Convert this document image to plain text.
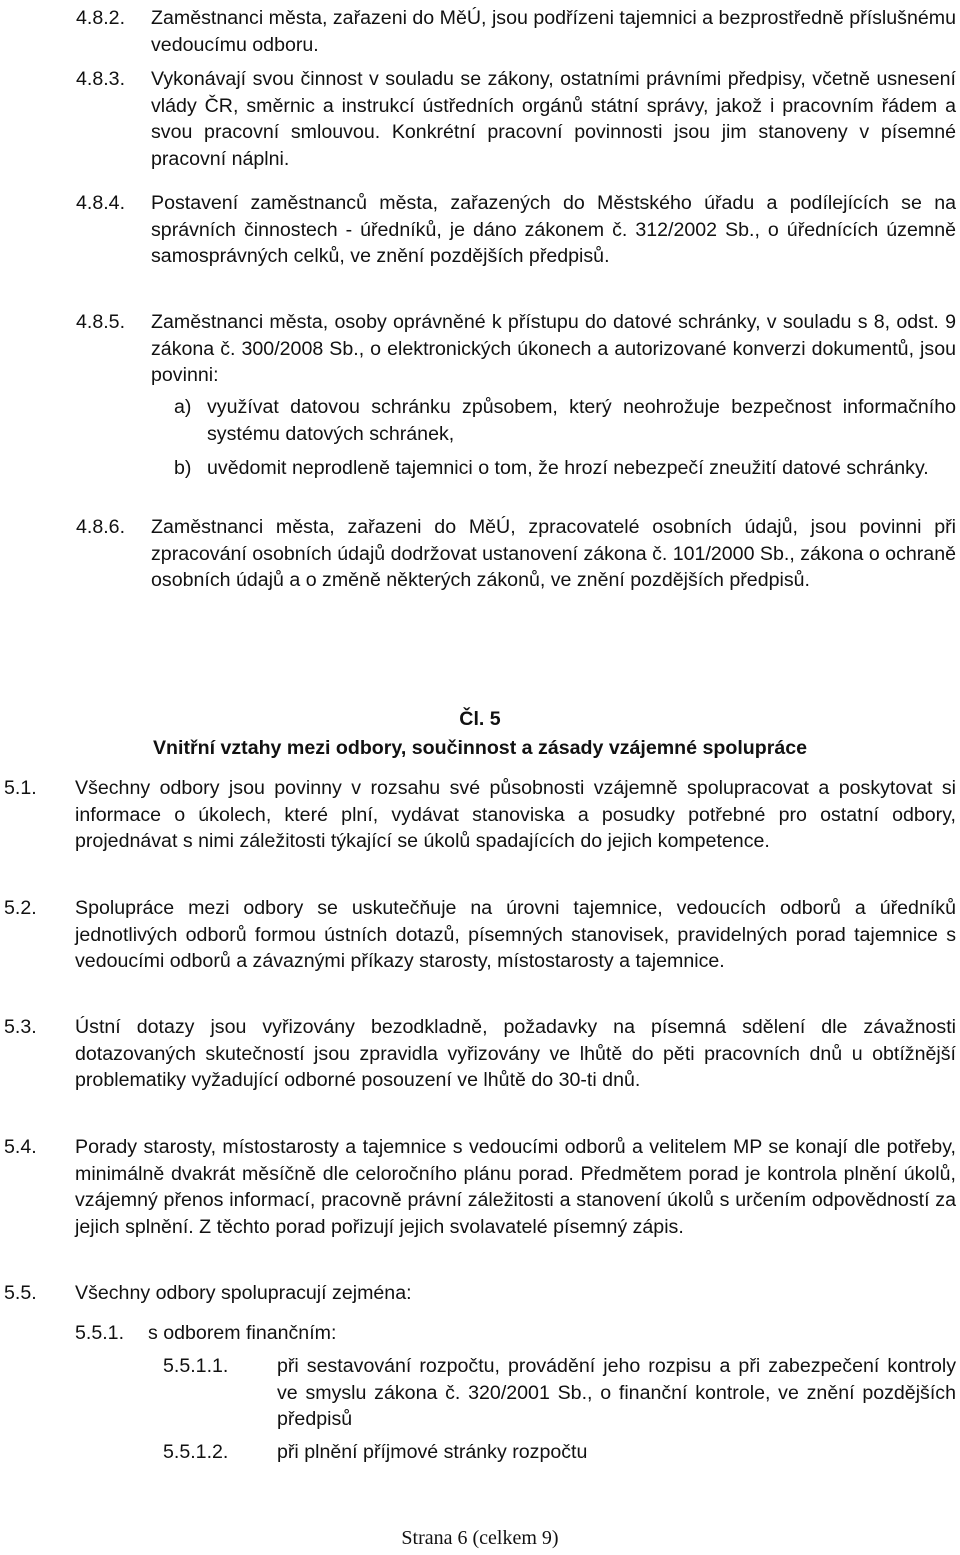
4.8.2. Zaměstnanci města, zařazeni do MěÚ, jsou podřízeni tajemnici a bezprostředně příslušnému vedoucímu odboru.
4.8.3. Vykonávají svou činnost v souladu se zákony, ostatními právními předpisy, včetně usnesení vlády ČR, směrnic a instrukcí ústředních orgánů státní správy, jakož i pracovním řádem a svou pracovní smlouvou. Konkrétní pracovní povinnosti jsou jim stanoveny v písemné pracovní náplni.
4.8.4. Postavení zaměstnanců města, zařazených do Městského úřadu a podílejících se na správních činnostech - úředníků, je dáno zákonem č. 312/2002 Sb., o úřednících územně samosprávných celků, ve znění pozdějších předpisů.
4.8.5. Zaměstnanci města, osoby oprávněné k přístupu do datové schránky, v souladu s 8, odst. 9 zákona č. 300/2008 Sb., o elektronických úkonech a autorizované konverzi dokumentů, jsou povinni:
a) využívat datovou schránku způsobem, který neohrožuje bezpečnost informačního systému datových schránek,
b) uvědomit neprodleně tajemnici o tom, že hrozí nebezpečí zneužití datové schránky.
4.8.6. Zaměstnanci města, zařazeni do MěÚ, zpracovatelé osobních údajů, jsou povinni při zpracování osobních údajů dodržovat ustanovení zákona č. 101/2000 Sb., zákona o ochraně osobních údajů a o změně některých zákonů, ve znění pozdějších předpisů.
Čl. 5
Vnitřní vztahy mezi odbory, součinnost a zásady vzájemné spolupráce
5.1. Všechny odbory jsou povinny v rozsahu své působnosti vzájemně spolupracovat a poskytovat si informace o úkolech, které plní, vydávat stanoviska a posudky potřebné pro ostatní odbory, projednávat s nimi záležitosti týkající se úkolů spadajících do jejich kompetence.
5.2. Spolupráce mezi odbory se uskutečňuje na úrovni tajemnice, vedoucích odborů a úředníků jednotlivých odborů formou ústních dotazů, písemných stanovisek, pravidelných porad tajemnice s vedoucími odborů a závaznými příkazy starosty, místostarosty a tajemnice.
5.3. Ústní dotazy jsou vyřizovány bezodkladně, požadavky na písemná sdělení dle závažnosti dotazovaných skutečností jsou zpravidla vyřizovány ve lhůtě do pěti pracovních dnů u obtížnější problematiky vyžadující odborné posouzení ve lhůtě do 30-ti dnů.
5.4. Porady starosty, místostarosty a tajemnice s vedoucími odborů a velitelem MP se konají dle potřeby, minimálně dvakrát měsíčně dle celoročního plánu porad. Předmětem porad je kontrola plnění úkolů, vzájemný přenos informací, pracovně právní záležitosti a stanovení úkolů s určením odpovědností za jejich splnění. Z těchto porad pořizují jejich svolavatelé písemný zápis.
5.5. Všechny odbory spolupracují zejména:
5.5.1. s odborem finančním:
5.5.1.1. při sestavování rozpočtu, provádění jeho rozpisu a při zabezpečení kontroly ve smyslu zákona č. 320/2001 Sb., o finanční kontrole, ve znění pozdějších předpisů
5.5.1.2. při plnění příjmové stránky rozpočtu
Strana 6 (celkem 9)
